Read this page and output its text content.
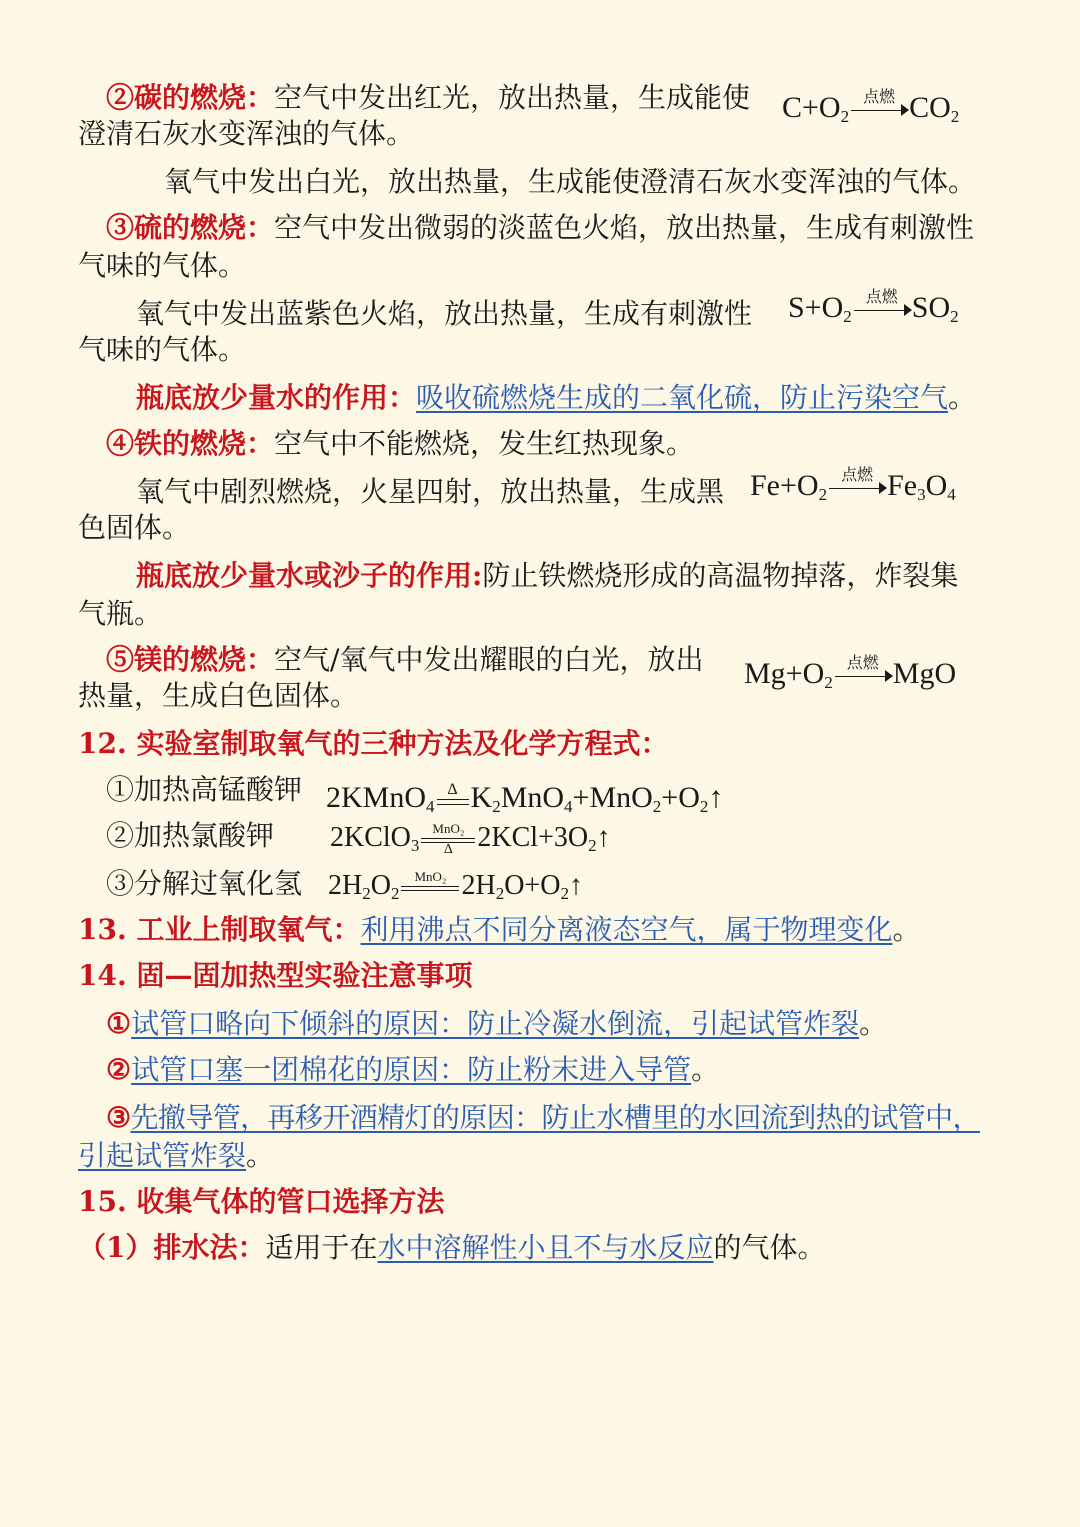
②碳的燃烧：空气中发出红光，放出热量，生成能使
澄清石灰水变浑浊的气体。
$C+O_2$
点燃 $CO_2$
氧气中发出白光，放出热量，生成能使澄清石灰水变浑浊的气体。
③硫的燃烧：空气中发出微弱的淡蓝色火焰，放出热量，生成有刺激性
气味的气体。
氧气中发出蓝紫色火焰，放出热量，生成有刺激性 $S+O_2$
点燃 $SO_2$
气味的气体。
瓶底放少量水的作用：吸收硫燃烧生成的二氧化硫，防止污染空气。
④铁的燃烧：空气中不能燃烧，发生红热现象。
氧气中剧烈燃烧，火星四射，放出热量，生成黑 $Fe+O_2$
点燃 $Fe_3O_4$
色固体。
瓶底放少量水或沙子的作用:防止铁燃烧形成的高温物掉落，炸裂集
气瓶。
⑤镁的燃烧：空气/氧气中发出耀眼的白光，放出
热量，生成白色固体。
$Mg+O_2$
点燃 MgO
12. 实验室制取氧气的三种方法及化学方程式：
①加热高锰酸钾 2KMnO$_4$
Δ $K_2MnO_4+MnO_2+O_2↑$
②加热氯酸钾 2KClO$_3$
MnO₂
Δ $2KCl+3O_2↑$
③分解过氧化氢 $2H_2O_2$
MnO₂ $2H_2O+O_2↑$
13. 工业上制取氧气：利用沸点不同分离液态空气，属于物理变化。
14. 固—固加热型实验注意事项
①试管口略向下倾斜的原因：防止冷凝水倒流，引起试管炸裂。
②试管口塞一团棉花的原因：防止粉末进入导管。
③先撤导管，再移开酒精灯的原因：防止水槽里的水回流到热的试管中，
引起试管炸裂。
15. 收集气体的管口选择方法
（1）排水法：适用于在水中溶解性小且不与水反应的气体。
